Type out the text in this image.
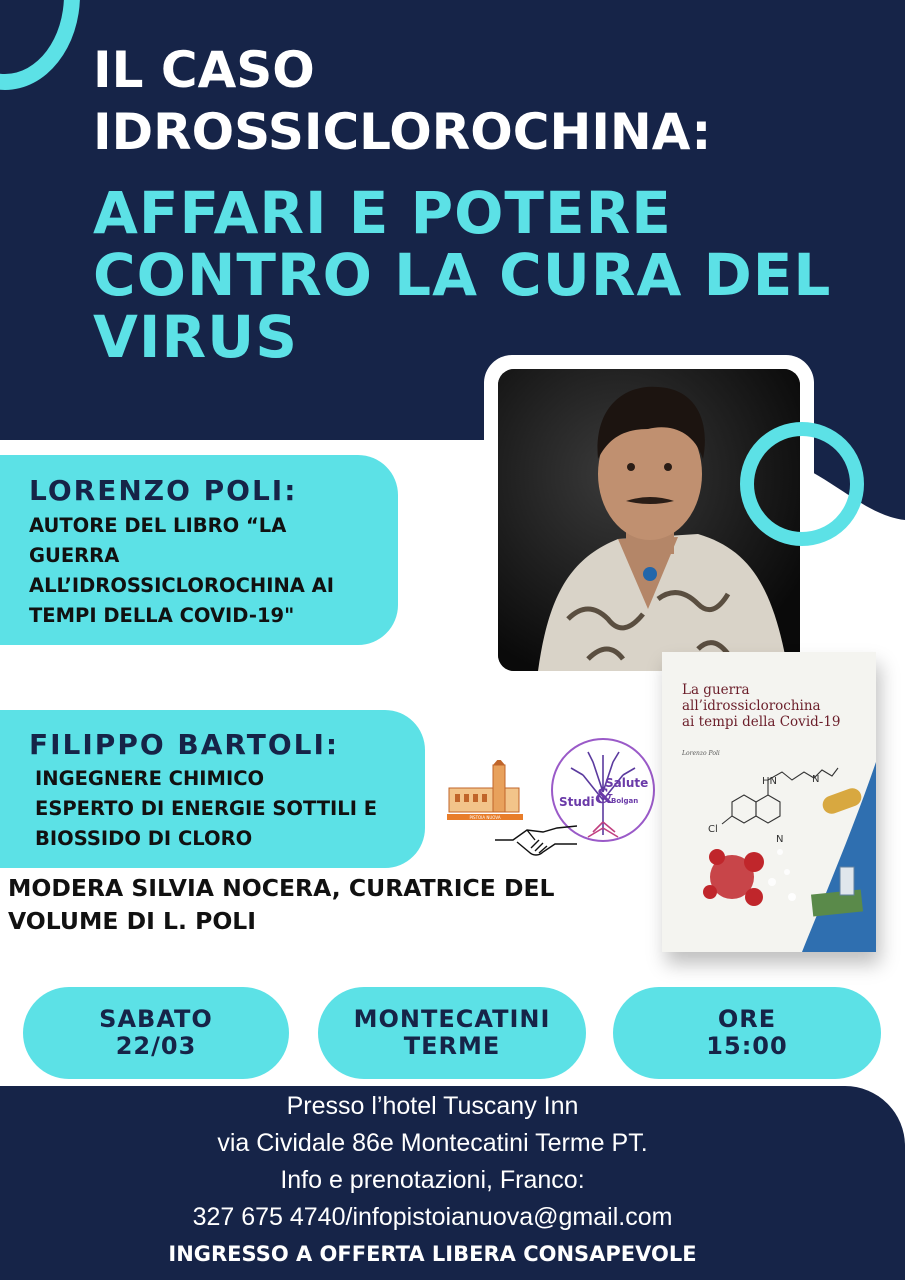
IL CASO
IDROSSICLOROCHINA:
AFFARI E POTERE
CONTRO LA CURA DEL
VIRUS
LORENZO POLI:
AUTORE DEL LIBRO “LA
GUERRA
ALL’IDROSSICLOROCHINA AI
TEMPI DELLA COVID-19"
FILIPPO BARTOLI:
INGEGNERE CHIMICO
ESPERTO DI ENERGIE SOTTILI E
BIOSSIDO DI CLORO
PISTOIA NUOVA
Salute
Studi &
Bolgan
Cl
N
HN	N
La guerra
all’idrossiclorochina
ai tempi della Covid-19
Lorenzo Poli
MODERA SILVIA NOCERA, CURATRICE DEL
VOLUME DI L. POLI
SABATO
22/03
MONTECATINI
TERME
ORE
15:00
Presso l’hotel Tuscany Inn
via Cividale 86e Montecatini Terme PT.
Info e prenotazioni, Franco:
327 675 4740/infopistoianuova@gmail.com
INGRESSO A OFFERTA LIBERA CONSAPEVOLE
